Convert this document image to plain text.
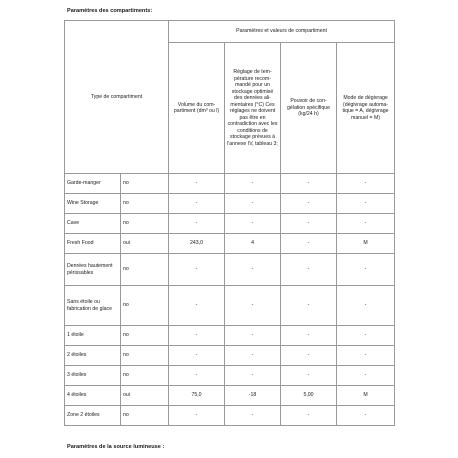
Paramètres des compartiments:
Type de compartiment		Paramètres et valeurs de compartiment			
		Volume du compartiment (dm³ ou l)	Réglage de température recommandé pour un stockage optimisé des denrées alimentaires (°C) Ces réglages ne doivent pas être en contradiction avec les conditions de stockage prévues à l'annexe IV, tableau 3;	Pouvoir de congélation spécifique (kg/24 h)	Mode de dégivrage (dégivrage automatique = A, dégivrage manuel = M)
Garde-manger	no	-	-	-	-
Wine Storage	no	-	-	-	-
Cave	no	-	-	-	-
Fresh Food	oui	243,0	4	-	M
Denrées hautement périssables	no	-	-	-	-
Sans étoile ou fabrication de glace	no	-	-	-	-
1 étoile	no	-	-	-	-
2 étoiles	no	-	-	-	-
3 étoiles	no	-	-	-	-
4 étoiles	oui	75,0	-18	5,00	M
Zone 2 étoiles	no	-	-	-	-
Paramètres de la source lumineuse :
